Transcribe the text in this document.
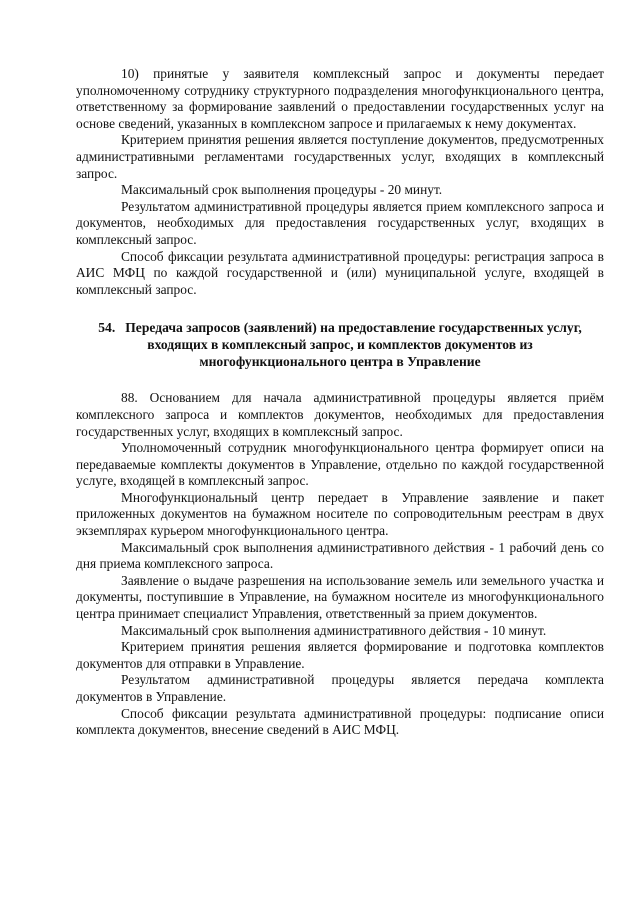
10) принятые у заявителя комплексный запрос и документы передает уполномоченному сотруднику структурного подразделения многофункционального центра, ответственному за формирование заявлений о предоставлении государственных услуг на основе сведений, указанных в комплексном запросе и прилагаемых к нему документах.

Критерием принятия решения является поступление документов, предусмотренных административными регламентами государственных услуг, входящих в комплексный запрос.

Максимальный срок выполнения процедуры - 20 минут.

Результатом административной процедуры является прием комплексного запроса и документов, необходимых для предоставления государственных услуг, входящих в комплексный запрос.

Способ фиксации результата административной процедуры: регистрация запроса в АИС МФЦ по каждой государственной и (или) муниципальной услуге, входящей в комплексный запрос.

54. Передача запросов (заявлений) на предоставление государственных услуг, входящих в комплексный запрос, и комплектов документов из многофункционального центра в Управление

88. Основанием для начала административной процедуры является приём комплексного запроса и комплектов документов, необходимых для предоставления государственных услуг, входящих в комплексный запрос.

Уполномоченный сотрудник многофункционального центра формирует описи на передаваемые комплекты документов в Управление, отдельно по каждой государственной услуге, входящей в комплексный запрос.

Многофункциональный центр передает в Управление заявление и пакет приложенных документов на бумажном носителе по сопроводительным реестрам в двух экземплярах курьером многофункционального центра.

Максимальный срок выполнения административного действия - 1 рабочий день со дня приема комплексного запроса.

Заявление о выдаче разрешения на использование земель или земельного участка и документы, поступившие в Управление, на бумажном носителе из многофункционального центра принимает специалист Управления, ответственный за прием документов.

Максимальный срок выполнения административного действия - 10 минут.

Критерием принятия решения является формирование и подготовка комплектов документов для отправки в Управление.

Результатом административной процедуры является передача комплекта документов в Управление.

Способ фиксации результата административной процедуры: подписание описи комплекта документов, внесение сведений в АИС МФЦ.
